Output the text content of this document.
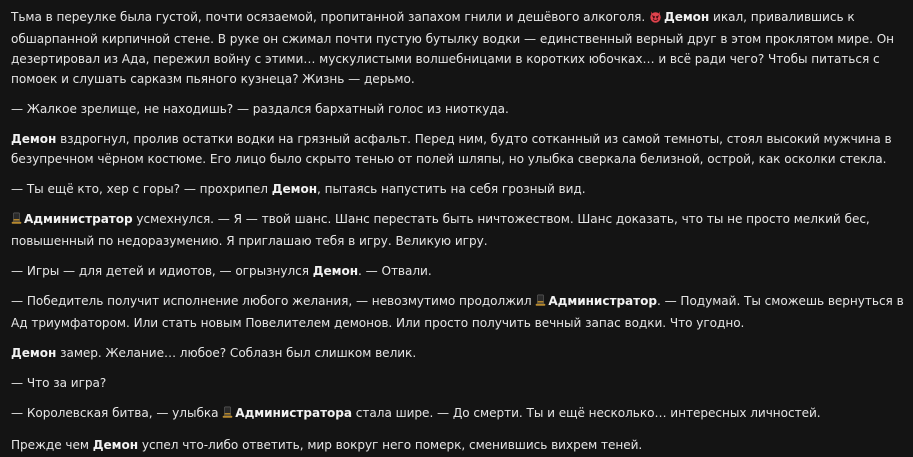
Тьма в переулке была густой, почти осязаемой, пропитанной запахом гнили и дешёвого алкоголя. Демон икал, привалившись к обшарпанной кирпичной стене. В руке он сжимал почти пустую бутылку водки — единственный верный друг в этом проклятом мире. Он дезертировал из Ада, пережил войну с этими… мускулистыми волшебницами в коротких юбочках… и всё ради чего? Чтобы питаться с помоек и слушать сарказм пьяного кузнеца? Жизнь — дерьмо.
— Жалкое зрелище, не находишь? — раздался бархатный голос из ниоткуда.
Демон вздрогнул, пролив остатки водки на грязный асфальт. Перед ним, будто сотканный из самой темноты, стоял высокий мужчина в безупречном чёрном костюме. Его лицо было скрыто тенью от полей шляпы, но улыбка сверкала белизной, острой, как осколки стекла.
— Ты ещё кто, хер с горы? — прохрипел Демон, пытаясь напустить на себя грозный вид.
Администратор усмехнулся. — Я — твой шанс. Шанс перестать быть ничтожеством. Шанс доказать, что ты не просто мелкий бес, повышенный по недоразумению. Я приглашаю тебя в игру. Великую игру.
— Игры — для детей и идиотов, — огрызнулся Демон. — Отвали.
— Победитель получит исполнение любого желания, — невозмутимо продолжил Администратор. — Подумай. Ты сможешь вернуться в Ад триумфатором. Или стать новым Повелителем демонов. Или просто получить вечный запас водки. Что угодно.
Демон замер. Желание… любое? Соблазн был слишком велик.
— Что за игра?
— Королевская битва, — улыбка Администратора стала шире. — До смерти. Ты и ещё несколько… интересных личностей.
Прежде чем Демон успел что-либо ответить, мир вокруг него померк, сменившись вихрем теней.
